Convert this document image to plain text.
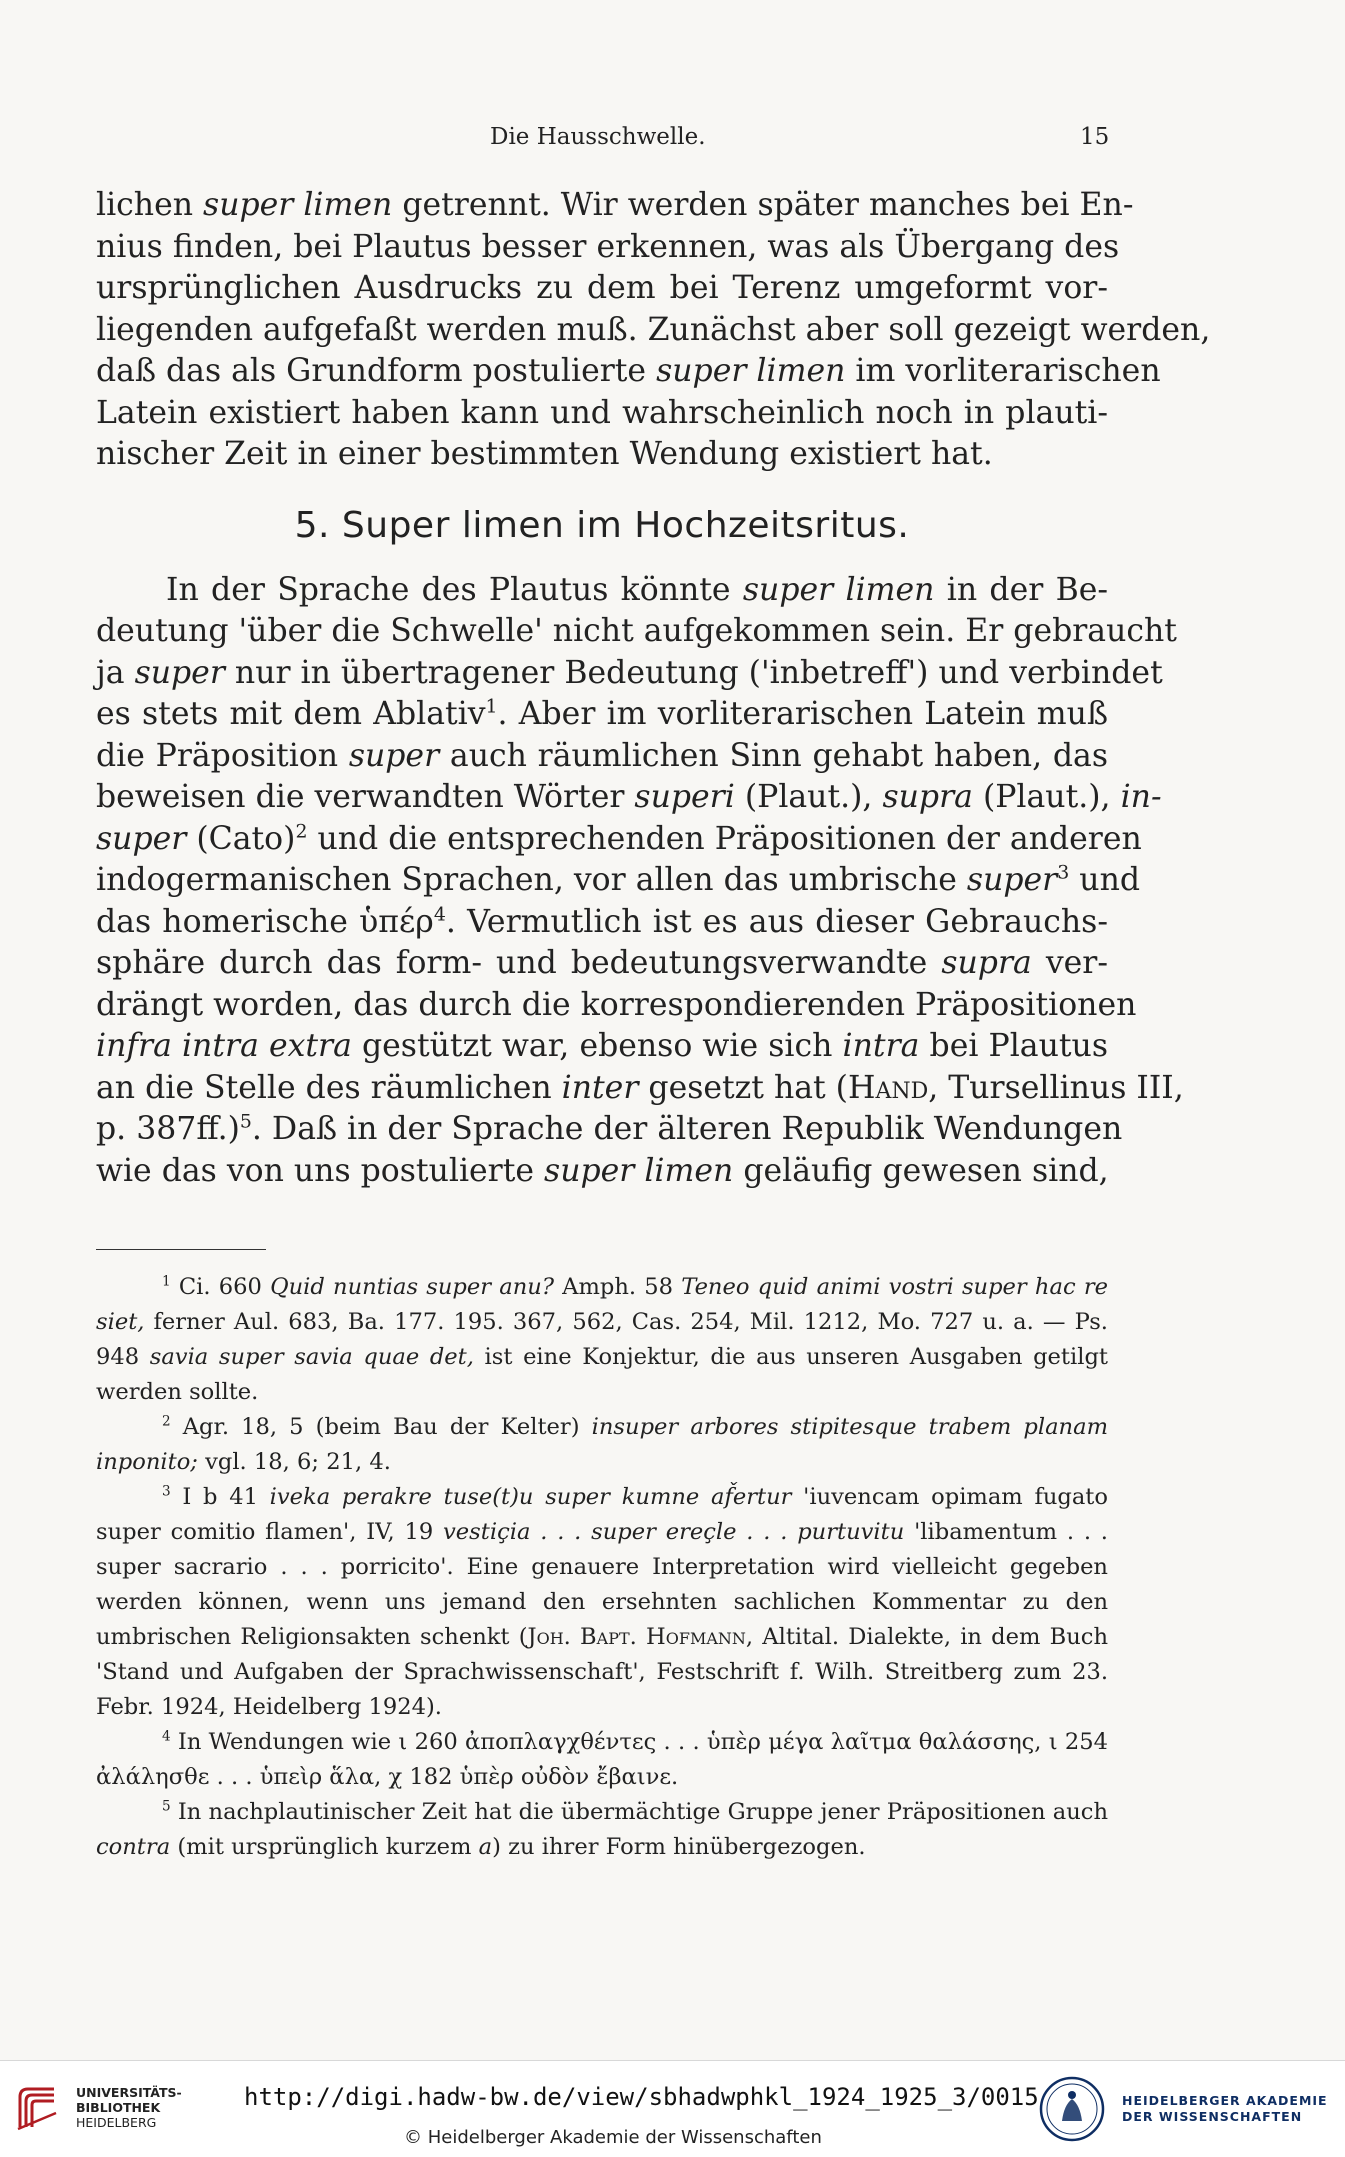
Die Hausschwelle.	15

lichen super limen getrennt. Wir werden später manches bei En-
nius finden, bei Plautus besser erkennen, was als Übergang des
ursprünglichen Ausdrucks zu dem bei Terenz umgeformt vor-
liegenden aufgefaßt werden muß. Zunächst aber soll gezeigt werden,
daß das als Grundform postulierte super limen im vorliterarischen
Latein existiert haben kann und wahrscheinlich noch in plauti-
nischer Zeit in einer bestimmten Wendung existiert hat.

5. Super limen im Hochzeitsritus.

In der Sprache des Plautus könnte super limen in der Be-
deutung 'über die Schwelle' nicht aufgekommen sein. Er gebraucht
ja super nur in übertragener Bedeutung ('inbetreff') und verbindet
es stets mit dem Ablativ$^1$. Aber im vorliterarischen Latein muß
die Präposition super auch räumlichen Sinn gehabt haben, das
beweisen die verwandten Wörter superi (Plaut.), supra (Plaut.), in-
super (Cato)$^2$ und die entsprechenden Präpositionen der anderen
indogermanischen Sprachen, vor allen das umbrische super$^3$ und
das homerische ὑπέρ$^4$. Vermutlich ist es aus dieser Gebrauchs-
sphäre durch das form- und bedeutungsverwandte supra ver-
drängt worden, das durch die korrespondierenden Präpositionen
infra intra extra gestützt war, ebenso wie sich intra bei Plautus
an die Stelle des räumlichen inter gesetzt hat (Hand, Tursellinus III,
p. 387ff.)$^5$. Daß in der Sprache der älteren Republik Wendungen
wie das von uns postulierte super limen geläufig gewesen sind,

$^1$ Ci. 660 Quid nuntias super anu? Amph. 58 Teneo quid animi vostri super hac re siet, ferner Aul. 683, Ba. 177. 195. 367, 562, Cas. 254, Mil. 1212, Mo. 727 u. a. — Ps. 948 savia super savia quae det, ist eine Konjektur, die aus unseren Ausgaben getilgt werden sollte.

$^2$ Agr. 18, 5 (beim Bau der Kelter) insuper arbores stipitesque trabem planam inponito; vgl. 18, 6; 21, 4.

$^3$ I b 41 iveka perakre tuse(t)u super kumne af̌ertur 'iuvencam opimam fugato super comitio flamen', IV, 19 vestiçia . . . super ereçle . . . purtuvitu 'libamentum . . . super sacrario . . . porricito'. Eine genauere Interpretation wird vielleicht gegeben werden können, wenn uns jemand den ersehnten sachlichen Kommentar zu den umbrischen Religionsakten schenkt (Joh. Bapt. Hofmann, Altital. Dialekte, in dem Buch 'Stand und Aufgaben der Sprachwissenschaft', Festschrift f. Wilh. Streitberg zum 23. Febr. 1924, Heidelberg 1924).

$^4$ In Wendungen wie ι 260 ἀποπλαγχθέντες . . . ὑπὲρ μέγα λαῖτμα θαλάσσης, ι 254 ἀλάλησθε . . . ὑπεὶρ ἅλα, χ 182 ὑπὲρ οὐδὸν ἔβαινε.

$^5$ In nachplautinischer Zeit hat die übermächtige Gruppe jener Präpositionen auch contra (mit ursprünglich kurzem a) zu ihrer Form hinübergezogen.

UNIVERSITÄTS-
BIBLIOTHEK
HEIDELBERG
http://digi.hadw-bw.de/view/sbhadwphkl_1924_1925_3/0015
© Heidelberger Akademie der Wissenschaften
HEIDELBERGER AKADEMIE
DER WISSENSCHAFTEN
